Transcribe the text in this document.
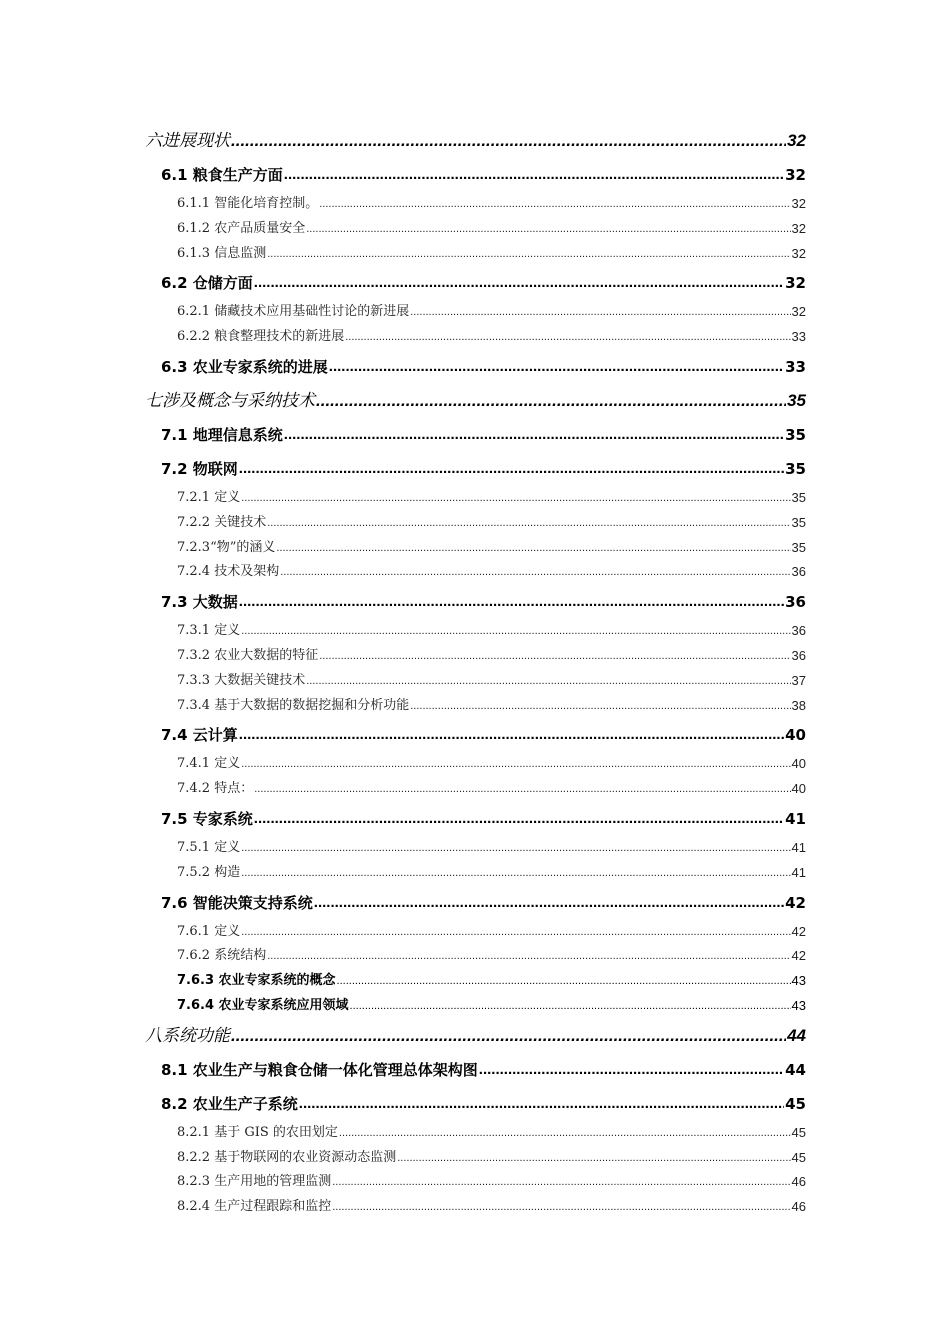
六进展现状 .....	32
6.1 粮食生产方面 .....	32
6.1.1 智能化培育控制。 .....	32
6.1.2 农产品质量安全 .....	32
6.1.3 信息监测 .....	32
6.2 仓储方面 .....	32
6.2.1 储藏技术应用基础性讨论的新进展 .....	32
6.2.2 粮食整理技术的新进展 .....	33
6.3 农业专家系统的进展 .....	33
七涉及概念与采纳技术 .....	35
7.1 地理信息系统 .....	35
7.2 物联网 .....	35
7.2.1 定义 .....	35
7.2.2 关键技术 .....	35
7.2.3“物”的涵义 .....	35
7.2.4 技术及架构 .....	36
7.3 大数据 .....	36
7.3.1 定义 .....	36
7.3.2 农业大数据的特征 .....	36
7.3.3 大数据关键技术 .....	37
7.3.4 基于大数据的数据挖掘和分析功能 .....	38
7.4 云计算 .....	40
7.4.1 定义 .....	40
7.4.2 特点： .....	40
7.5 专家系统 .....	41
7.5.1 定义 .....	41
7.5.2 构造 .....	41
7.6 智能决策支持系统 .....	42
7.6.1 定义 .....	42
7.6.2 系统结构 .....	42
7.6.3 农业专家系统的概念 .....	43
7.6.4 农业专家系统应用领域 .....	43
八系统功能 .....	44
8.1 农业生产与粮食仓储一体化管理总体架构图 .....	44
8.2 农业生产子系统 .....	45
8.2.1 基于 GIS 的农田划定 .....	45
8.2.2 基于物联网的农业资源动态监测 .....	45
8.2.3 生产用地的管理监测 .....	46
8.2.4 生产过程跟踪和监控 .....	46
